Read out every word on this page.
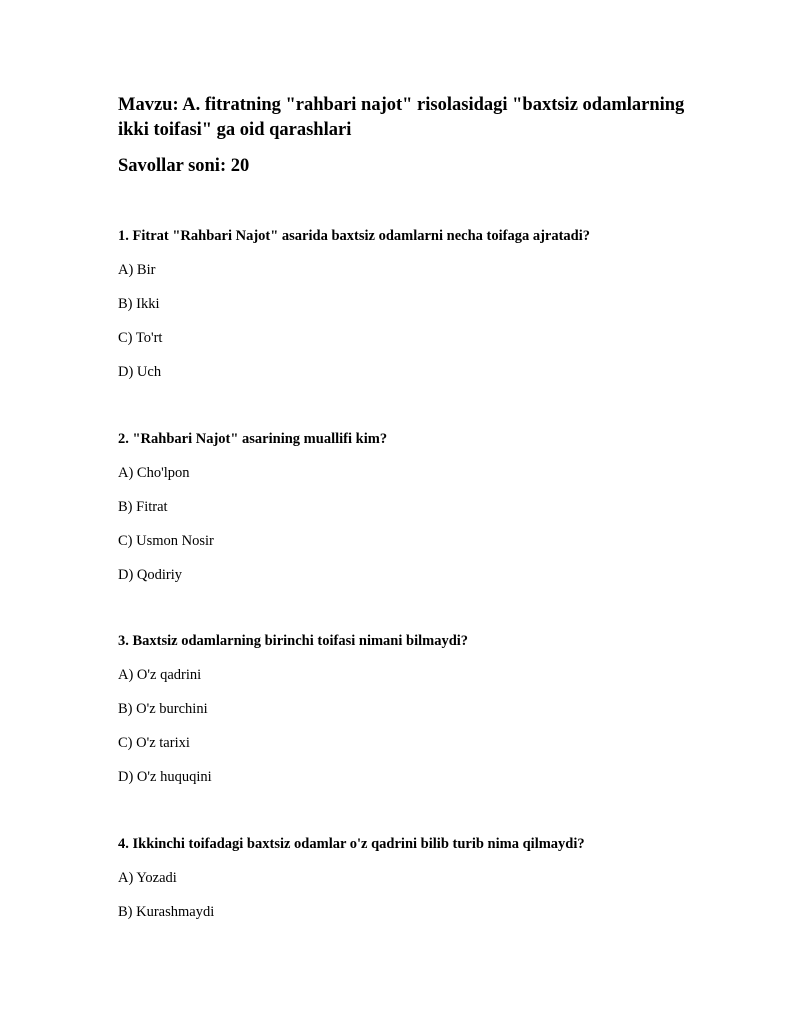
Mavzu: A. fitratning "rahbari najot" risolasidagi "baxtsiz odamlarning ikki toifasi" ga oid qarashlari
Savollar soni: 20

1. Fitrat "Rahbari Najot" asarida baxtsiz odamlarni necha toifaga ajratadi?

A) Bir

B) Ikki

C) To'rt

D) Uch

2. "Rahbari Najot" asarining muallifi kim?

A) Cho'lpon

B) Fitrat

C) Usmon Nosir

D) Qodiriy

3. Baxtsiz odamlarning birinchi toifasi nimani bilmaydi?

A) O'z qadrini

B) O'z burchini

C) O'z tarixi

D) O'z huquqini

4. Ikkinchi toifadagi baxtsiz odamlar o'z qadrini bilib turib nima qilmaydi?

A) Yozadi

B) Kurashmaydi
